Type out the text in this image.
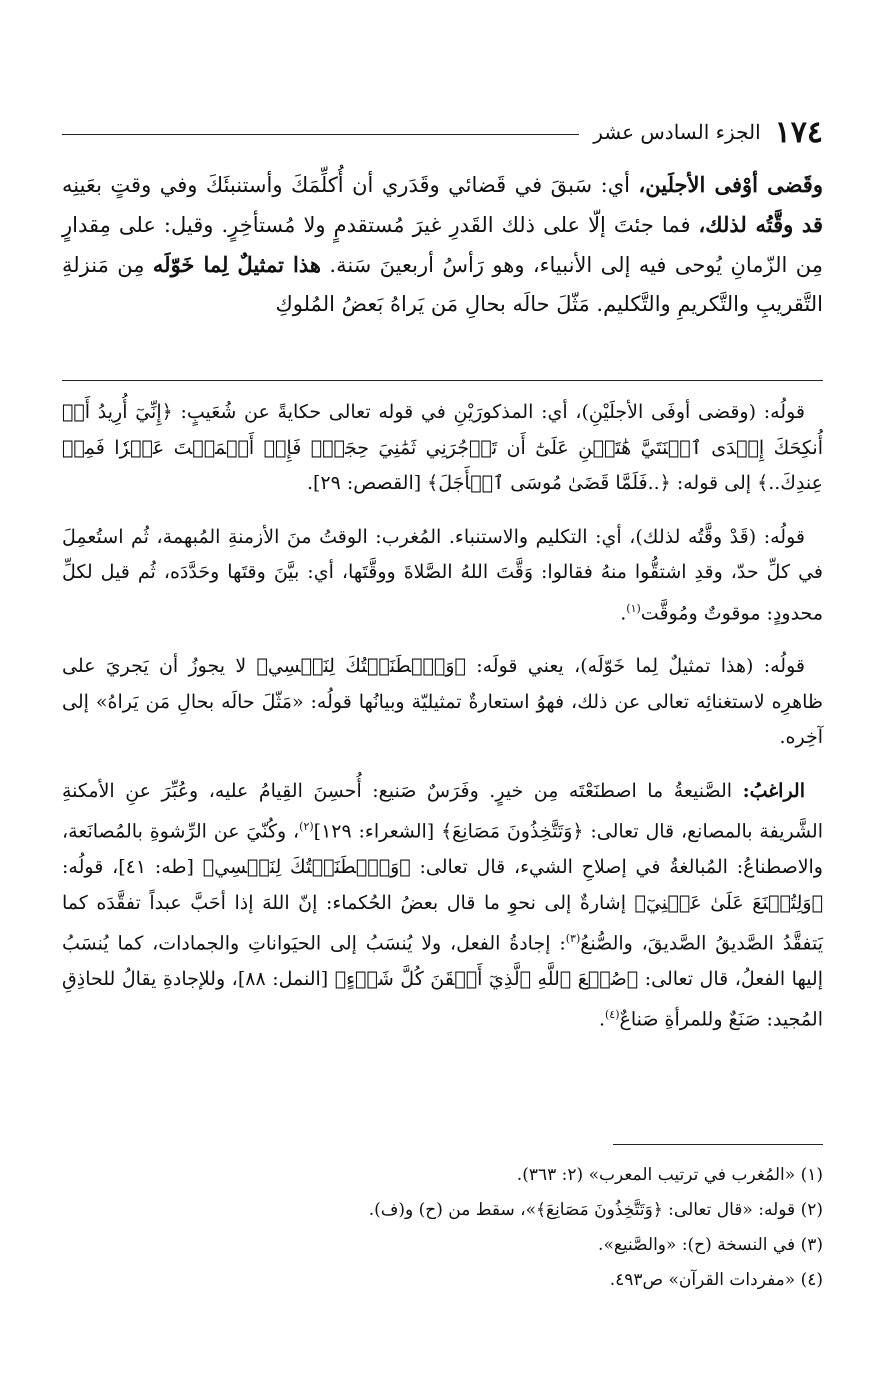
١٧٤
الجزء السادس عشر

وقَضى أوْفى الأجلَين، أي: سَبقَ في قَضائي وقَدَري أن أُكلِّمَكَ وأستنبئَكَ وفي وقتٍ بعَينِه قد وقَّتُه لذلك، فما جئتَ إلّا على ذلك القَدرِ غيرَ مُستقدمٍ ولا مُستأخِرٍ. وقيل: على مِقدارٍ مِن الزّمانِ يُوحى فيه إلى الأنبياء، وهو رَأسُ أربعينَ سَنة. هذا تمثيلٌ لِما خَوّلَه مِن مَنزلةِ التَّقريبِ والتَّكريمِ والتَّكليم. مَثّلَ حالَه بحالِ مَن يَراهُ بَعضُ المُلوكِ

قولُه: (وقضى أوفَى الأجلَيْنِ)، أي: المذكورَيْنِ في قوله تعالى حكايةً عن شُعَيبٍ: ﴿إِنِّيٓ أُرِيدُ أَنۡ أُنكِحَكَ إِحۡدَى ٱبۡنَتَيَّ هَٰتَيۡنِ عَلَىٰٓ أَن تَأۡجُرَنِي ثَمَٰنِيَ حِجَجٖۖ فَإِنۡ أَتۡمَمۡتَ عَشۡرٗا فَمِنۡ عِندِكَ..﴾ إلى قوله: ﴿..فَلَمَّا قَضَىٰ مُوسَى ٱلۡأَجَلَ﴾ [القصص: ٢٩].

قولُه: (قَدْ وقَّتُه لذلك)، أي: التكليم والاستنباء. المُغرب: الوقتُ منَ الأزمنةِ المُبهمة، ثُم استُعمِلَ في كلِّ حدّ، وقدِ اشتقُّوا منهُ فقالوا: وَقَّتَ اللهُ الصَّلاةَ ووقَّتَها، أي: بيَّنَ وقتَها وحَدَّدَه، ثُم قيل لكلِّ محدودٍ: موقوتٌ ومُوقَّت$^{(١)}$.

قولُه: (هذا تمثيلٌ لِما خَوّلَه)، يعني قولَه: ﴿وَٱصۡطَنَعۡتُكَ لِنَفۡسِي﴾ لا يجوزُ أن يَجريَ على ظاهرِه لاستغنائِه تعالى عن ذلك، فهوُ استعارةٌ تمثيليّة وبيانُها قولُه: «مَثّلَ حالَه بحالِ مَن يَراهُ» إلى آخِره.

الراغبُ: الصَّنيعةُ ما اصطنَعْتَه مِن خيرٍ. وفَرَسٌ صَنيع: أُحسِنَ القِيامُ عليه، وعُبِّرَ عنِ الأمكنةِ الشَّريفة بالمصانع، قال تعالى: ﴿وَتَتَّخِذُونَ مَصَانِعَ﴾ [الشعراء: ١٢٩]$^{(٢)}$، وكُنّيَ عن الرِّشوةِ بالمُصانَعة، والاصطناعُ: المُبالغةُ في إصلاحِ الشيء، قال تعالى: ﴿وَٱصۡطَنَعۡتُكَ لِنَفۡسِي﴾ [طه: ٤١]، قولُه: ﴿وَلِتُصۡنَعَ عَلَىٰ عَيۡنِيٓ﴾ إشارةٌ إلى نحوِ ما قال بعضُ الحُكماء: إنّ اللهَ إذا أحَبَّ عبداً تفقَّدَه كما يَتفقَّدُ الصَّديقُ الصَّديقَ، والصُّنعُ$^{(٣)}$: إجادةُ الفعل، ولا يُنسَبُ إلى الحيَواناتِ والجمادات، كما يُنسَبُ إليها الفعلُ، قال تعالى: ﴿صُنۡعَ ٱللَّهِ ٱلَّذِيٓ أَتۡقَنَ كُلَّ شَيۡءٍ﴾ [النمل: ٨٨]، وللإجادةِ يقالُ للحاذِقِ المُجيد: صَنَعٌ وللمرأةِ صَناعٌ$^{(٤)}$.

(١) «المُغرب في ترتيب المعرب» (٢: ٣٦٣).

(٢) قوله: «قال تعالى: ﴿وَتَتَّخِذُونَ مَصَانِعَ﴾»، سقط من (ح) و(ف).

(٣) في النسخة (ح): «والصَّنيع».

(٤) «مفردات القرآن» ص٤٩٣.
